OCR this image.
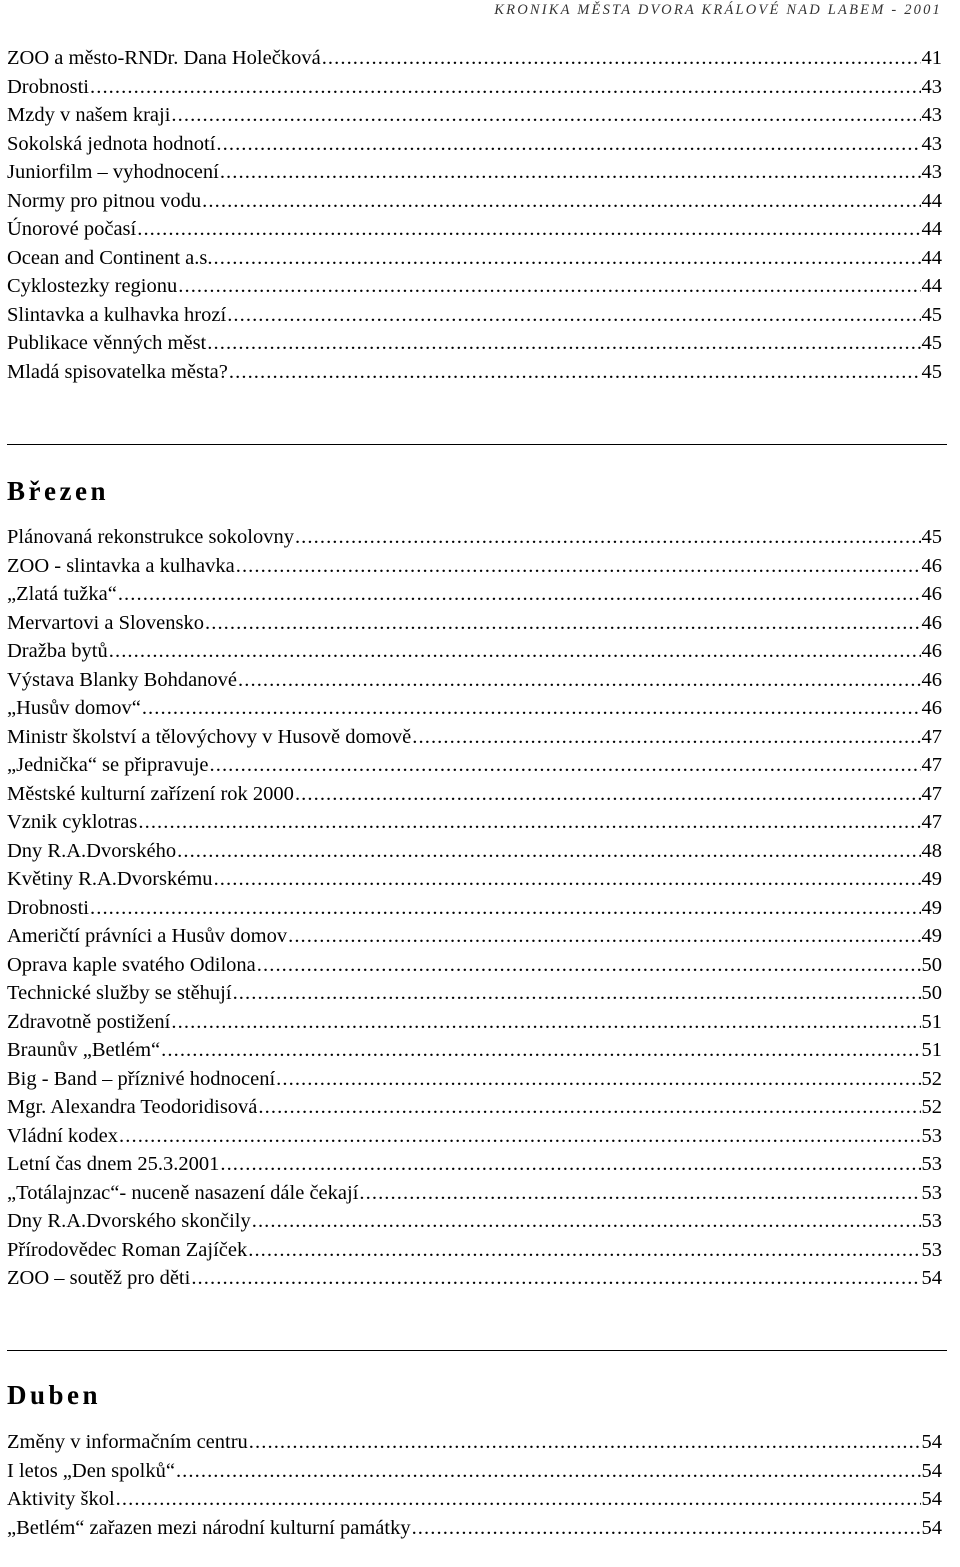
KRONIKA MĚSTA DVORA KRÁLOVÉ NAD LABEM - 2001
ZOO a město-RNDr. Dana Holečková .....	41
Drobnosti .....	43
Mzdy v našem kraji .....	43
Sokolská jednota hodnotí .....	43
Juniorfilm – vyhodnocení .....	43
Normy pro pitnou vodu .....	44
Únorové počasí .....	44
Ocean and Continent a.s. .....	44
Cyklostezky regionu .....	44
Slintavka a kulhavka hrozí .....	45
Publikace věnných měst .....	45
Mladá spisovatelka města? .....	45
Březen
Plánovaná rekonstrukce sokolovny .....	45
ZOO - slintavka a kulhavka .....	46
„Zlatá tužka“ .....	46
Mervartovi a Slovensko .....	46
Dražba bytů .....	46
Výstava Blanky Bohdanové .....	46
„Husův domov“ .....	46
Ministr školství a tělovýchovy v Husově domově .....	47
„Jednička“ se připravuje .....	47
Městské kulturní zařízení rok 2000 .....	47
Vznik cyklotras .....	47
Dny R.A.Dvorského .....	48
Květiny R.A.Dvorskému .....	49
Drobnosti .....	49
Američtí právníci a Husův domov .....	49
Oprava kaple svatého Odilona .....	50
Technické služby se stěhují .....	50
Zdravotně postižení .....	51
Braunův „Betlém“ .....	51
Big - Band – příznivé hodnocení .....	52
Mgr. Alexandra Teodoridisová .....	52
Vládní kodex .....	53
Letní čas dnem 25.3.2001 .....	53
„Totálajnzac“- nuceně nasazení dále čekají .....	53
Dny R.A.Dvorského skončily .....	53
Přírodovědec Roman Zajíček .....	53
ZOO – soutěž pro děti .....	54
Duben
Změny v informačním centru .....	54
I letos „Den spolků“ .....	54
Aktivity škol .....	54
„Betlém“ zařazen mezi národní kulturní památky .....	54
